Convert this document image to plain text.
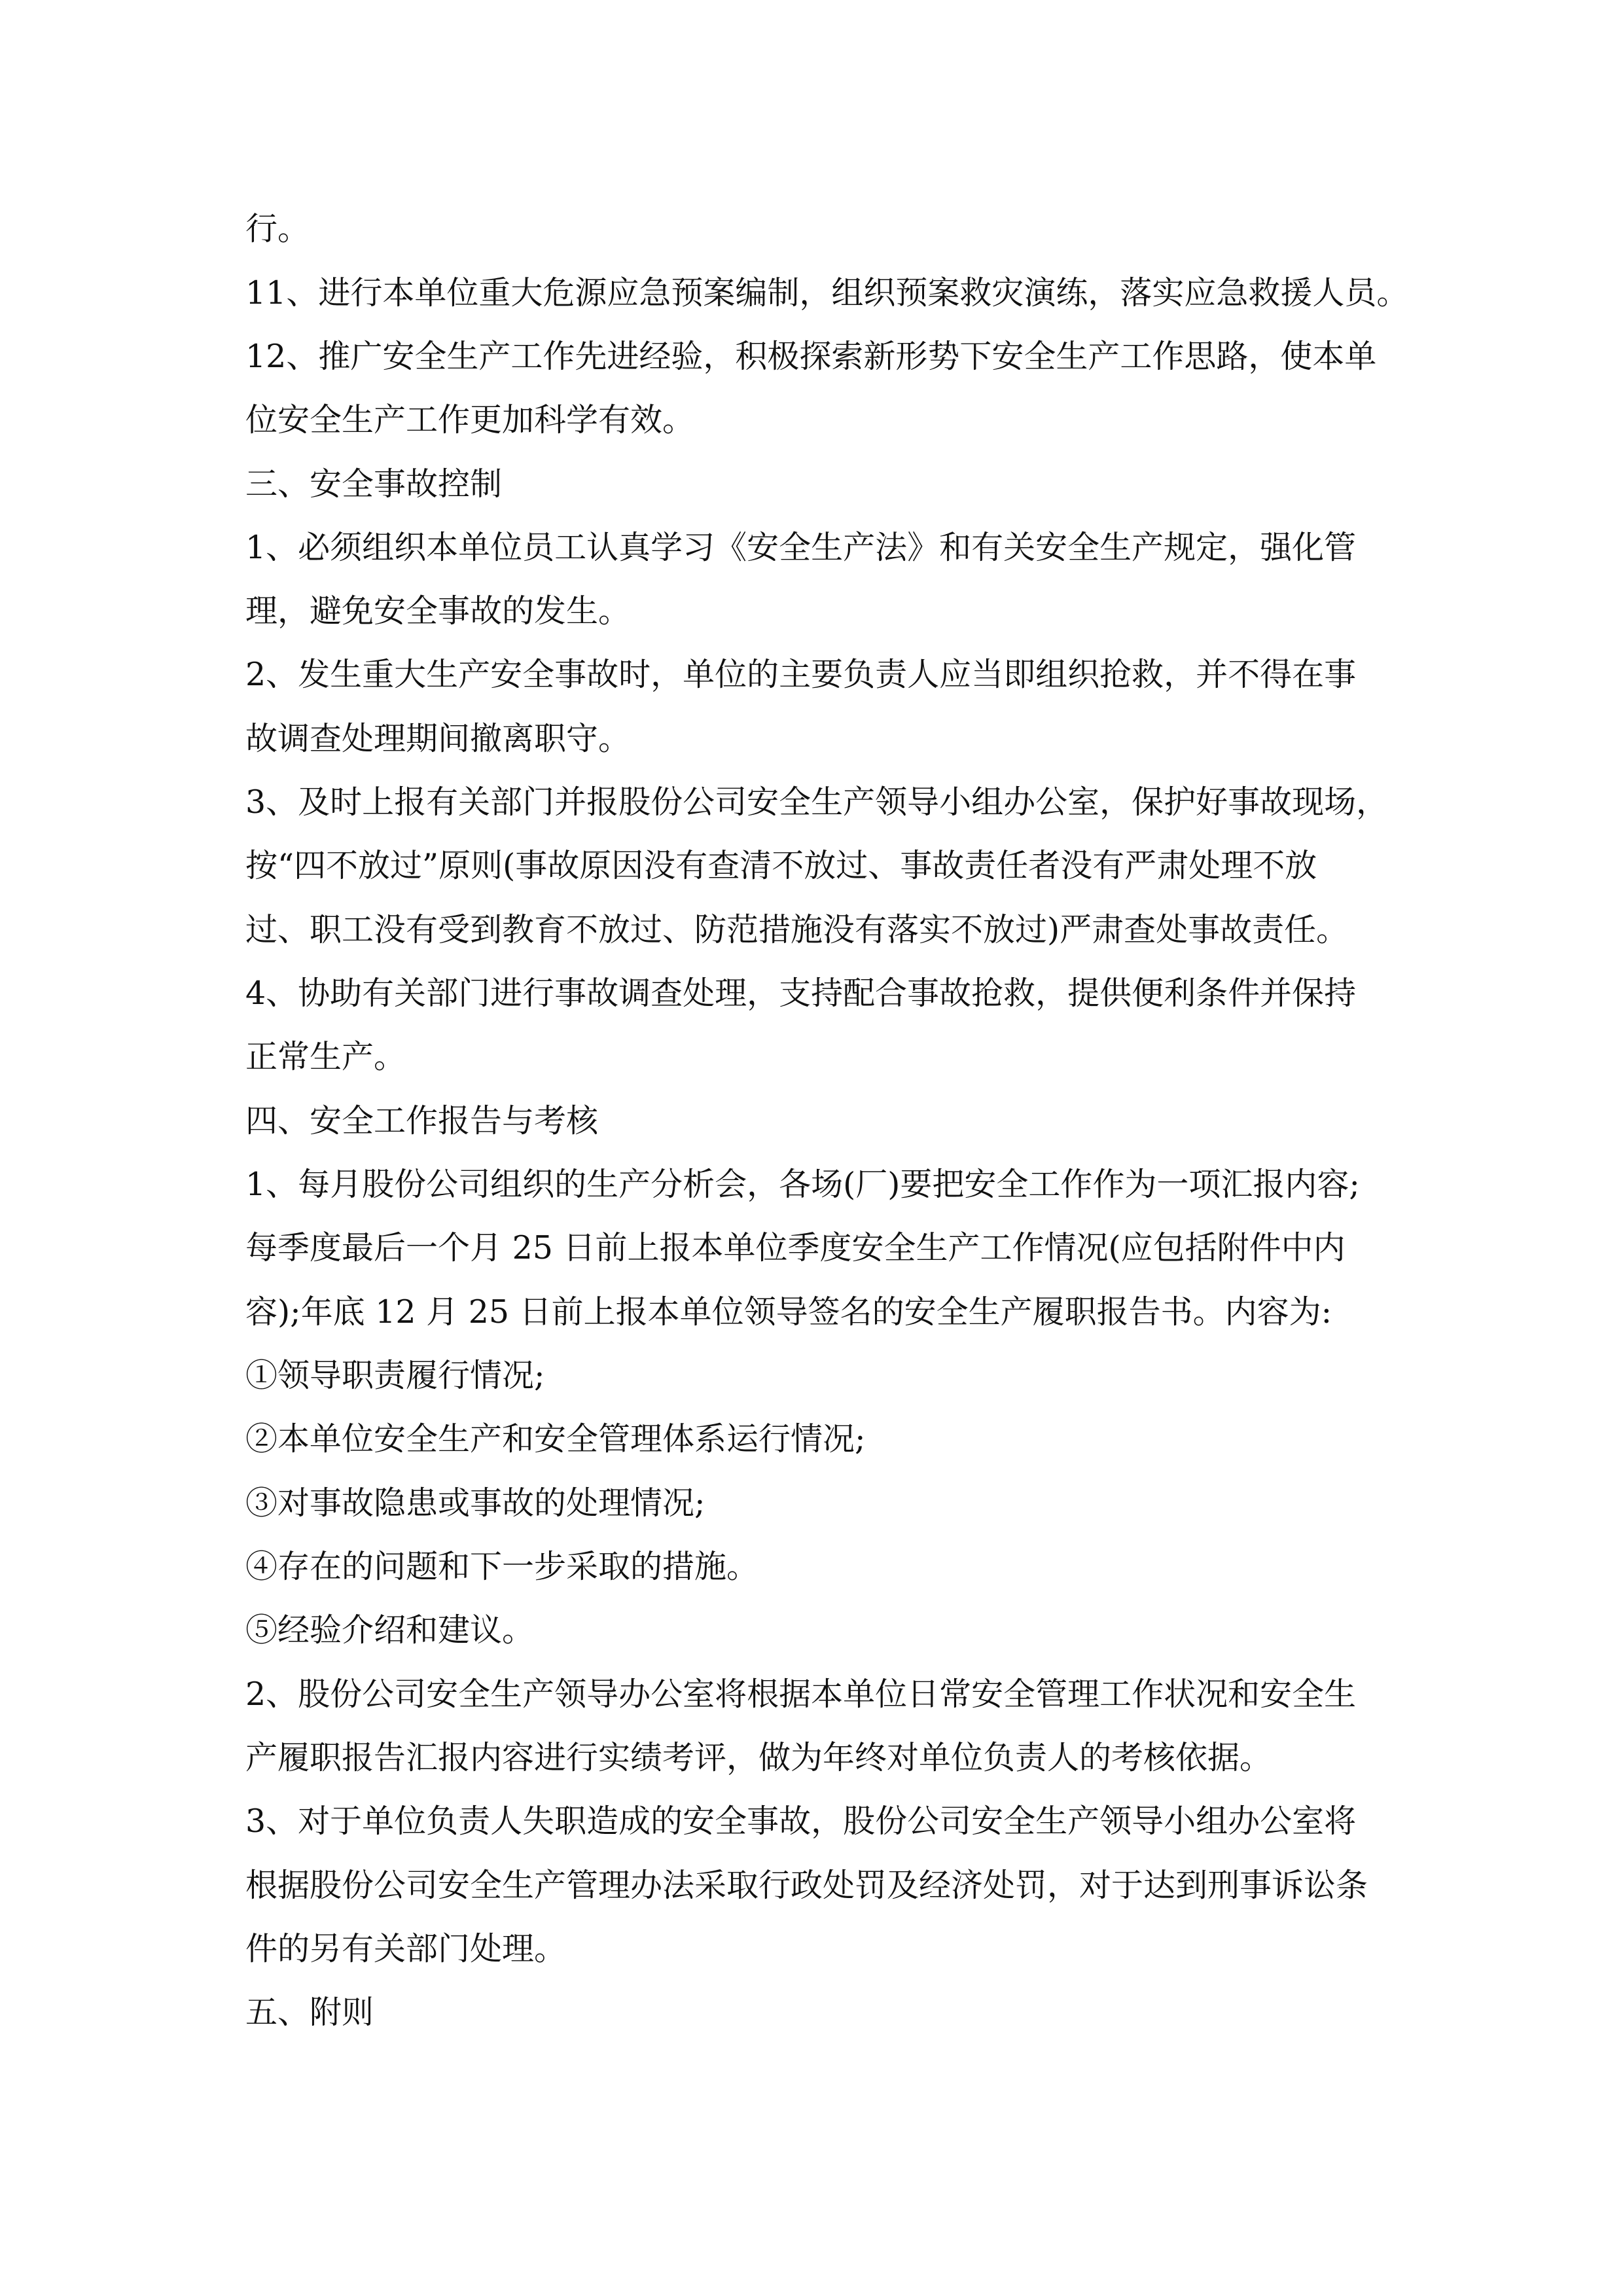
行。

11、进行本单位重大危源应急预案编制，组织预案救灾演练，落实应急救援人员。

12、推广安全生产工作先进经验，积极探索新形势下安全生产工作思路，使本单

位安全生产工作更加科学有效。

三、安全事故控制

1、必须组织本单位员工认真学习《安全生产法》和有关安全生产规定，强化管

理，避免安全事故的发生。

2、发生重大生产安全事故时，单位的主要负责人应当即组织抢救，并不得在事

故调查处理期间撤离职守。

3、及时上报有关部门并报股份公司安全生产领导小组办公室，保护好事故现场，

按“四不放过”原则(事故原因没有查清不放过、事故责任者没有严肃处理不放

过、职工没有受到教育不放过、防范措施没有落实不放过)严肃查处事故责任。

4、协助有关部门进行事故调查处理，支持配合事故抢救，提供便利条件并保持

正常生产。

四、安全工作报告与考核

1、每月股份公司组织的生产分析会，各场(厂)要把安全工作作为一项汇报内容;

每季度最后一个月 25 日前上报本单位季度安全生产工作情况(应包括附件中内

容);年底 12 月 25 日前上报本单位领导签名的安全生产履职报告书。内容为:

①领导职责履行情况;

②本单位安全生产和安全管理体系运行情况;

③对事故隐患或事故的处理情况;

④存在的问题和下一步采取的措施。

⑤经验介绍和建议。

2、股份公司安全生产领导办公室将根据本单位日常安全管理工作状况和安全生

产履职报告汇报内容进行实绩考评，做为年终对单位负责人的考核依据。

3、对于单位负责人失职造成的安全事故，股份公司安全生产领导小组办公室将

根据股份公司安全生产管理办法采取行政处罚及经济处罚，对于达到刑事诉讼条

件的另有关部门处理。

五、附则
